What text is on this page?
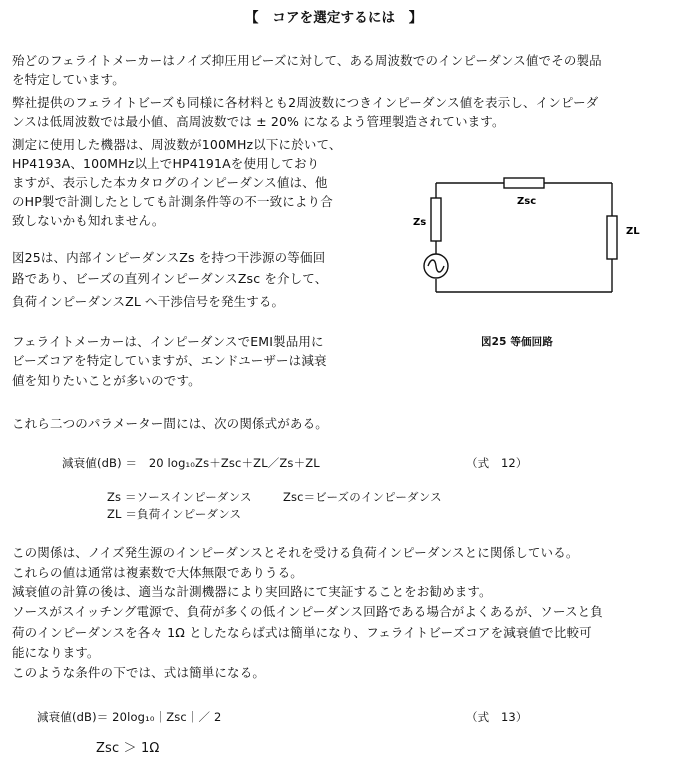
【　コアを選定するには　】
殆どのフェライトメーカーはノイズ抑圧用ビーズに対して、ある周波数でのインピーダンス値でその製品
を特定しています。
弊社提供のフェライトビーズも同様に各材料とも2周波数につきインピーダンス値を表示し、インピーダ
ンスは低周波数では最小値、高周波数では ± 20% になるよう管理製造されています。
測定に使用した機器は、周波数が100MHz以下に於いて、
HP4193A、100MHz以上でHP4191Aを使用しており
ますが、表示した本カタログのインピーダンス値は、他
のHP製で計測したとしても計測条件等の不一致により合
致しないかも知れません。
図25は、内部インピーダンスZs を持つ干渉源の等価回
路であり、ビーズの直列インピーダンスZsc を介して、
負荷インピーダンスZL へ干渉信号を発生する。
フェライトメーカーは、インピーダンスでEMI製品用に
ビーズコアを特定していますが、エンドユーザーは減衰
値を知りたいことが多いのです。
Zs
Zsc
ZL
図25 等価回路
これら二つのパラメーター間には、次の関係式がある。
減衰値(dB) ＝　20 log₁₀Zs＋Zsc＋ZL／Zs＋ZL	（式　12）
Zs ＝ソースインピーダンス	Zsc＝ビーズのインピーダンス
ZL ＝負荷インピーダンス
この関係は、ノイズ発生源のインピーダンスとそれを受ける負荷インピーダンスとに関係している。
これらの値は通常は複素数で大体無限でありうる。
減衰値の計算の後は、適当な計測機器により実回路にて実証することをお勧めます。
ソースがスイッチング電源で、負荷が多くの低インピーダンス回路である場合がよくあるが、ソースと負
荷のインピーダンスを各々 1Ω としたならば式は簡単になり、フェライトビーズコアを減衰値で比較可
能になります。
このような条件の下では、式は簡単になる。
減衰値(dB)＝ 20log₁₀｜Zsc｜／ 2	（式　13）
Zsc ＞ 1Ω
